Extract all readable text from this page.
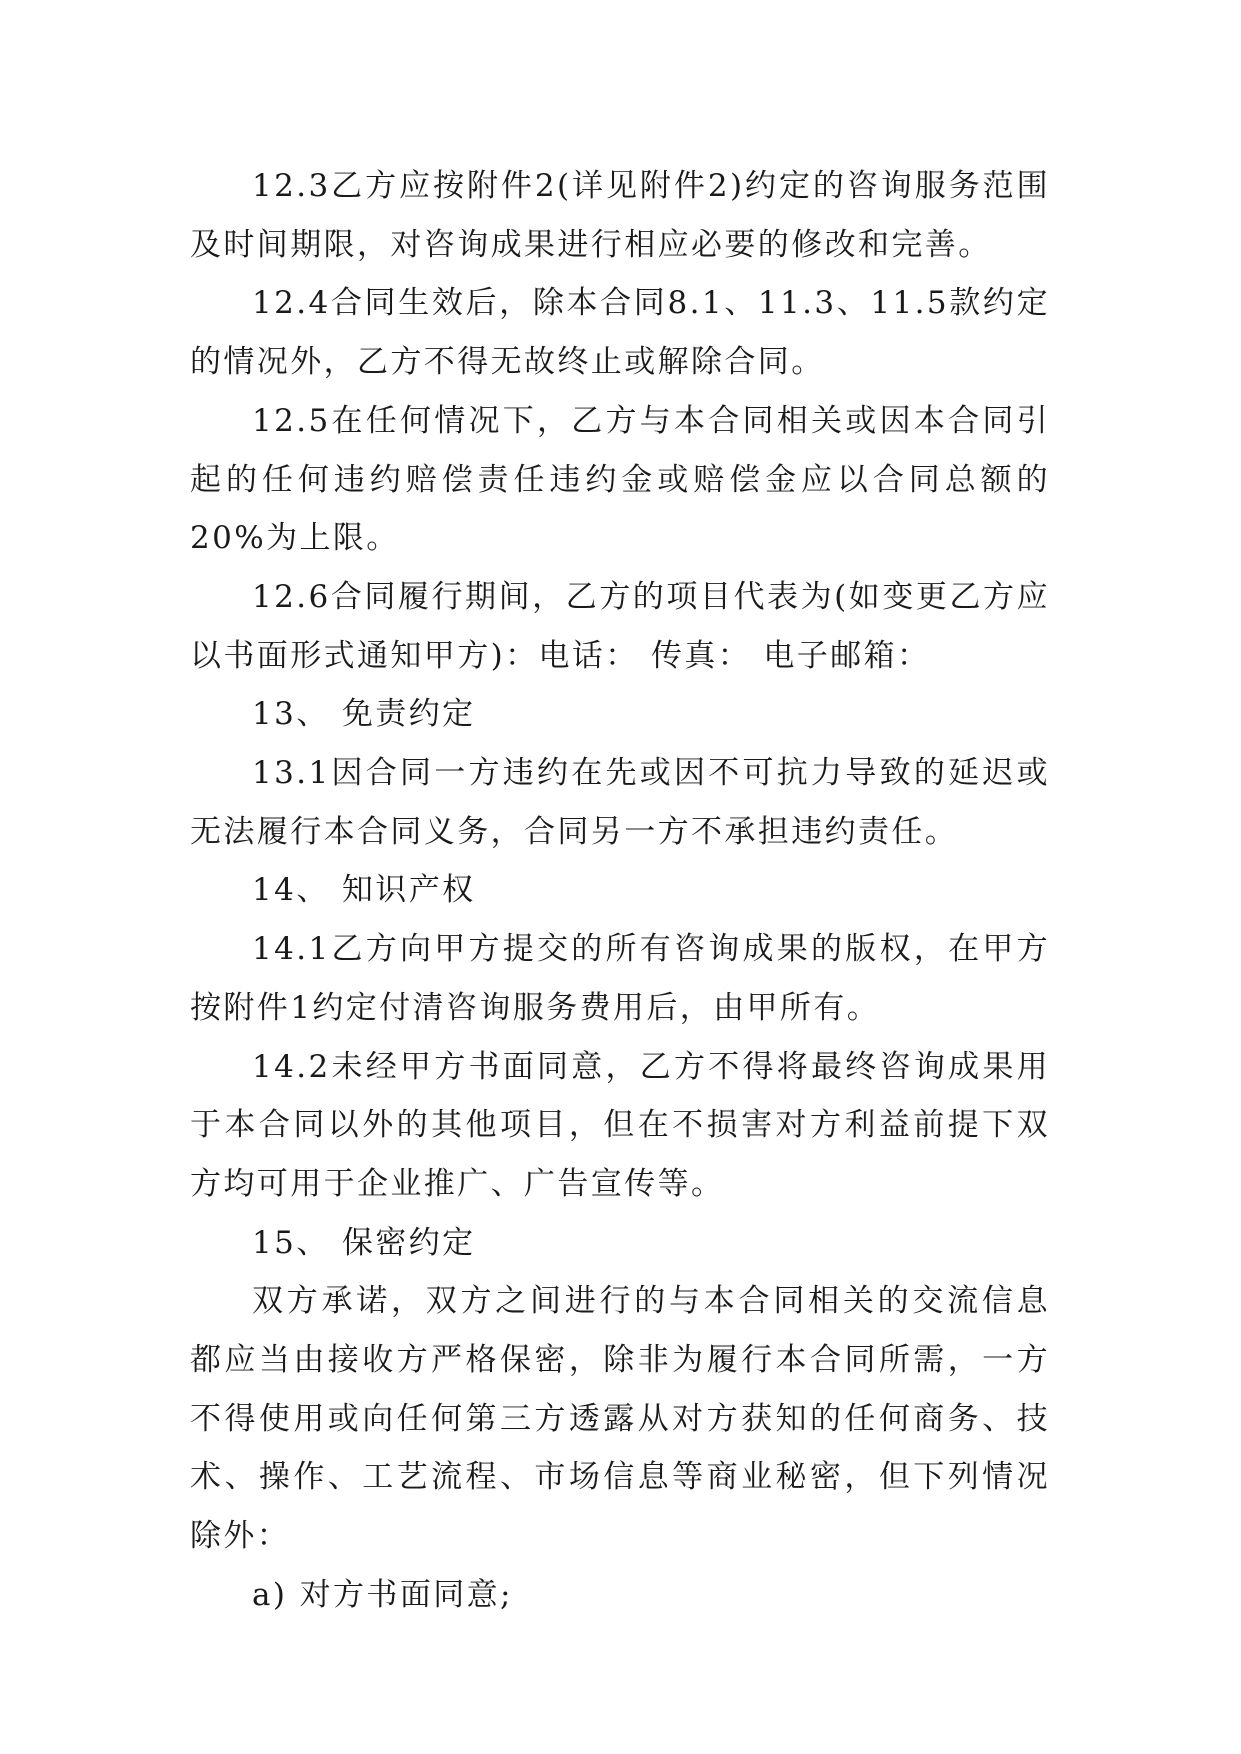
12.3乙方应按附件2(详见附件2)约定的咨询服务范围及时间期限，对咨询成果进行相应必要的修改和完善。

12.4合同生效后，除本合同8.1、11.3、11.5款约定的情况外，乙方不得无故终止或解除合同。

12.5在任何情况下，乙方与本合同相关或因本合同引起的任何违约赔偿责任违约金或赔偿金应以合同总额的20%为上限。

12.6合同履行期间，乙方的项目代表为(如变更乙方应以书面形式通知甲方)：电话： 传真： 电子邮箱：

13、 免责约定

13.1因合同一方违约在先或因不可抗力导致的延迟或无法履行本合同义务，合同另一方不承担违约责任。

14、 知识产权

14.1乙方向甲方提交的所有咨询成果的版权，在甲方按附件1约定付清咨询服务费用后，由甲所有。

14.2未经甲方书面同意，乙方不得将最终咨询成果用于本合同以外的其他项目，但在不损害对方利益前提下双方均可用于企业推广、广告宣传等。

15、 保密约定

双方承诺，双方之间进行的与本合同相关的交流信息都应当由接收方严格保密，除非为履行本合同所需，一方不得使用或向任何第三方透露从对方获知的任何商务、技术、操作、工艺流程、市场信息等商业秘密，但下列情况除外：

a) 对方书面同意;
